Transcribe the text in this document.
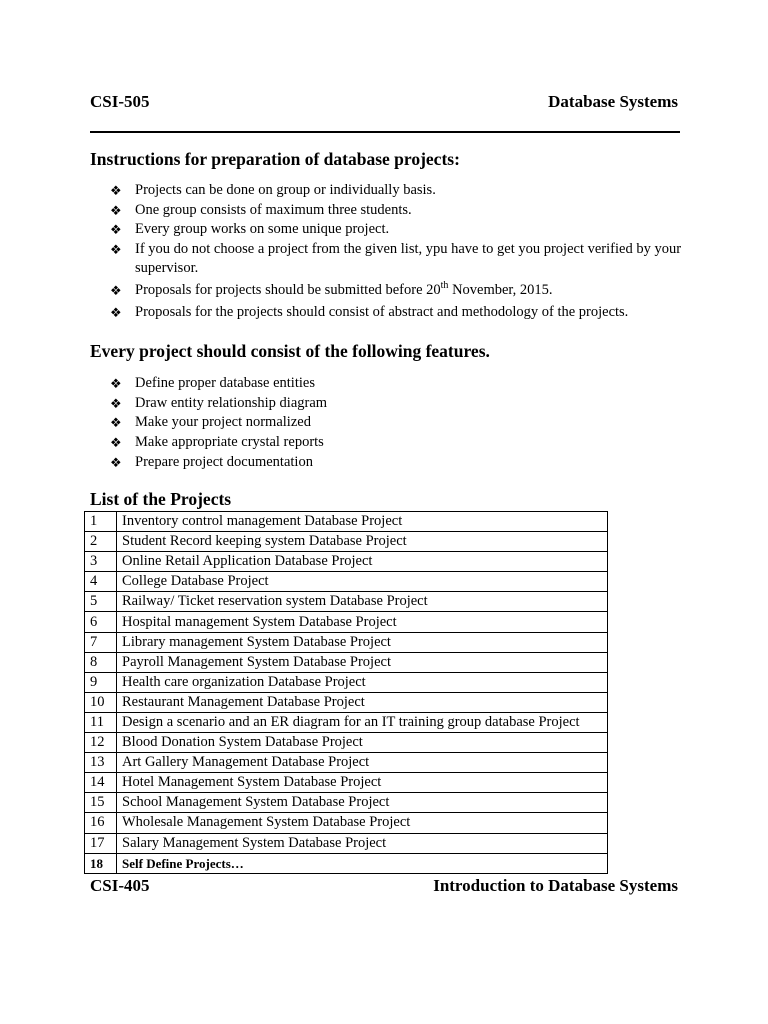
CSI-505	Database Systems
Instructions for preparation of database projects:
❖ Projects can be done on group or individually basis.
❖ One group consists of maximum three students.
❖ Every group works on some unique project.
❖ If you do not choose a project from the given list, ypu have to get you project verified by your supervisor.
❖ Proposals for projects should be submitted before 20th November, 2015.
❖ Proposals for the projects should consist of abstract and methodology of the projects.
Every project should consist of the following features.
❖ Define proper database entities
❖ Draw entity relationship diagram
❖ Make your project normalized
❖ Make appropriate crystal reports
❖ Prepare project documentation
List of the Projects
1	Inventory control management Database Project
2	Student Record keeping system Database Project
3	Online Retail Application Database Project
4	College Database Project
5	Railway/ Ticket reservation system Database Project
6	Hospital management System Database Project
7	Library management System Database Project
8	Payroll Management System Database Project
9	Health care organization Database Project
10	Restaurant Management Database Project
11	Design a scenario and an ER diagram for an IT training group database Project
12	Blood Donation System Database Project
13	Art Gallery Management Database Project
14	Hotel Management System Database Project
15	School Management System Database Project
16	Wholesale Management System Database Project
17	Salary Management System Database Project
18	Self Define Projects…
CSI-405	Introduction to Database Systems
